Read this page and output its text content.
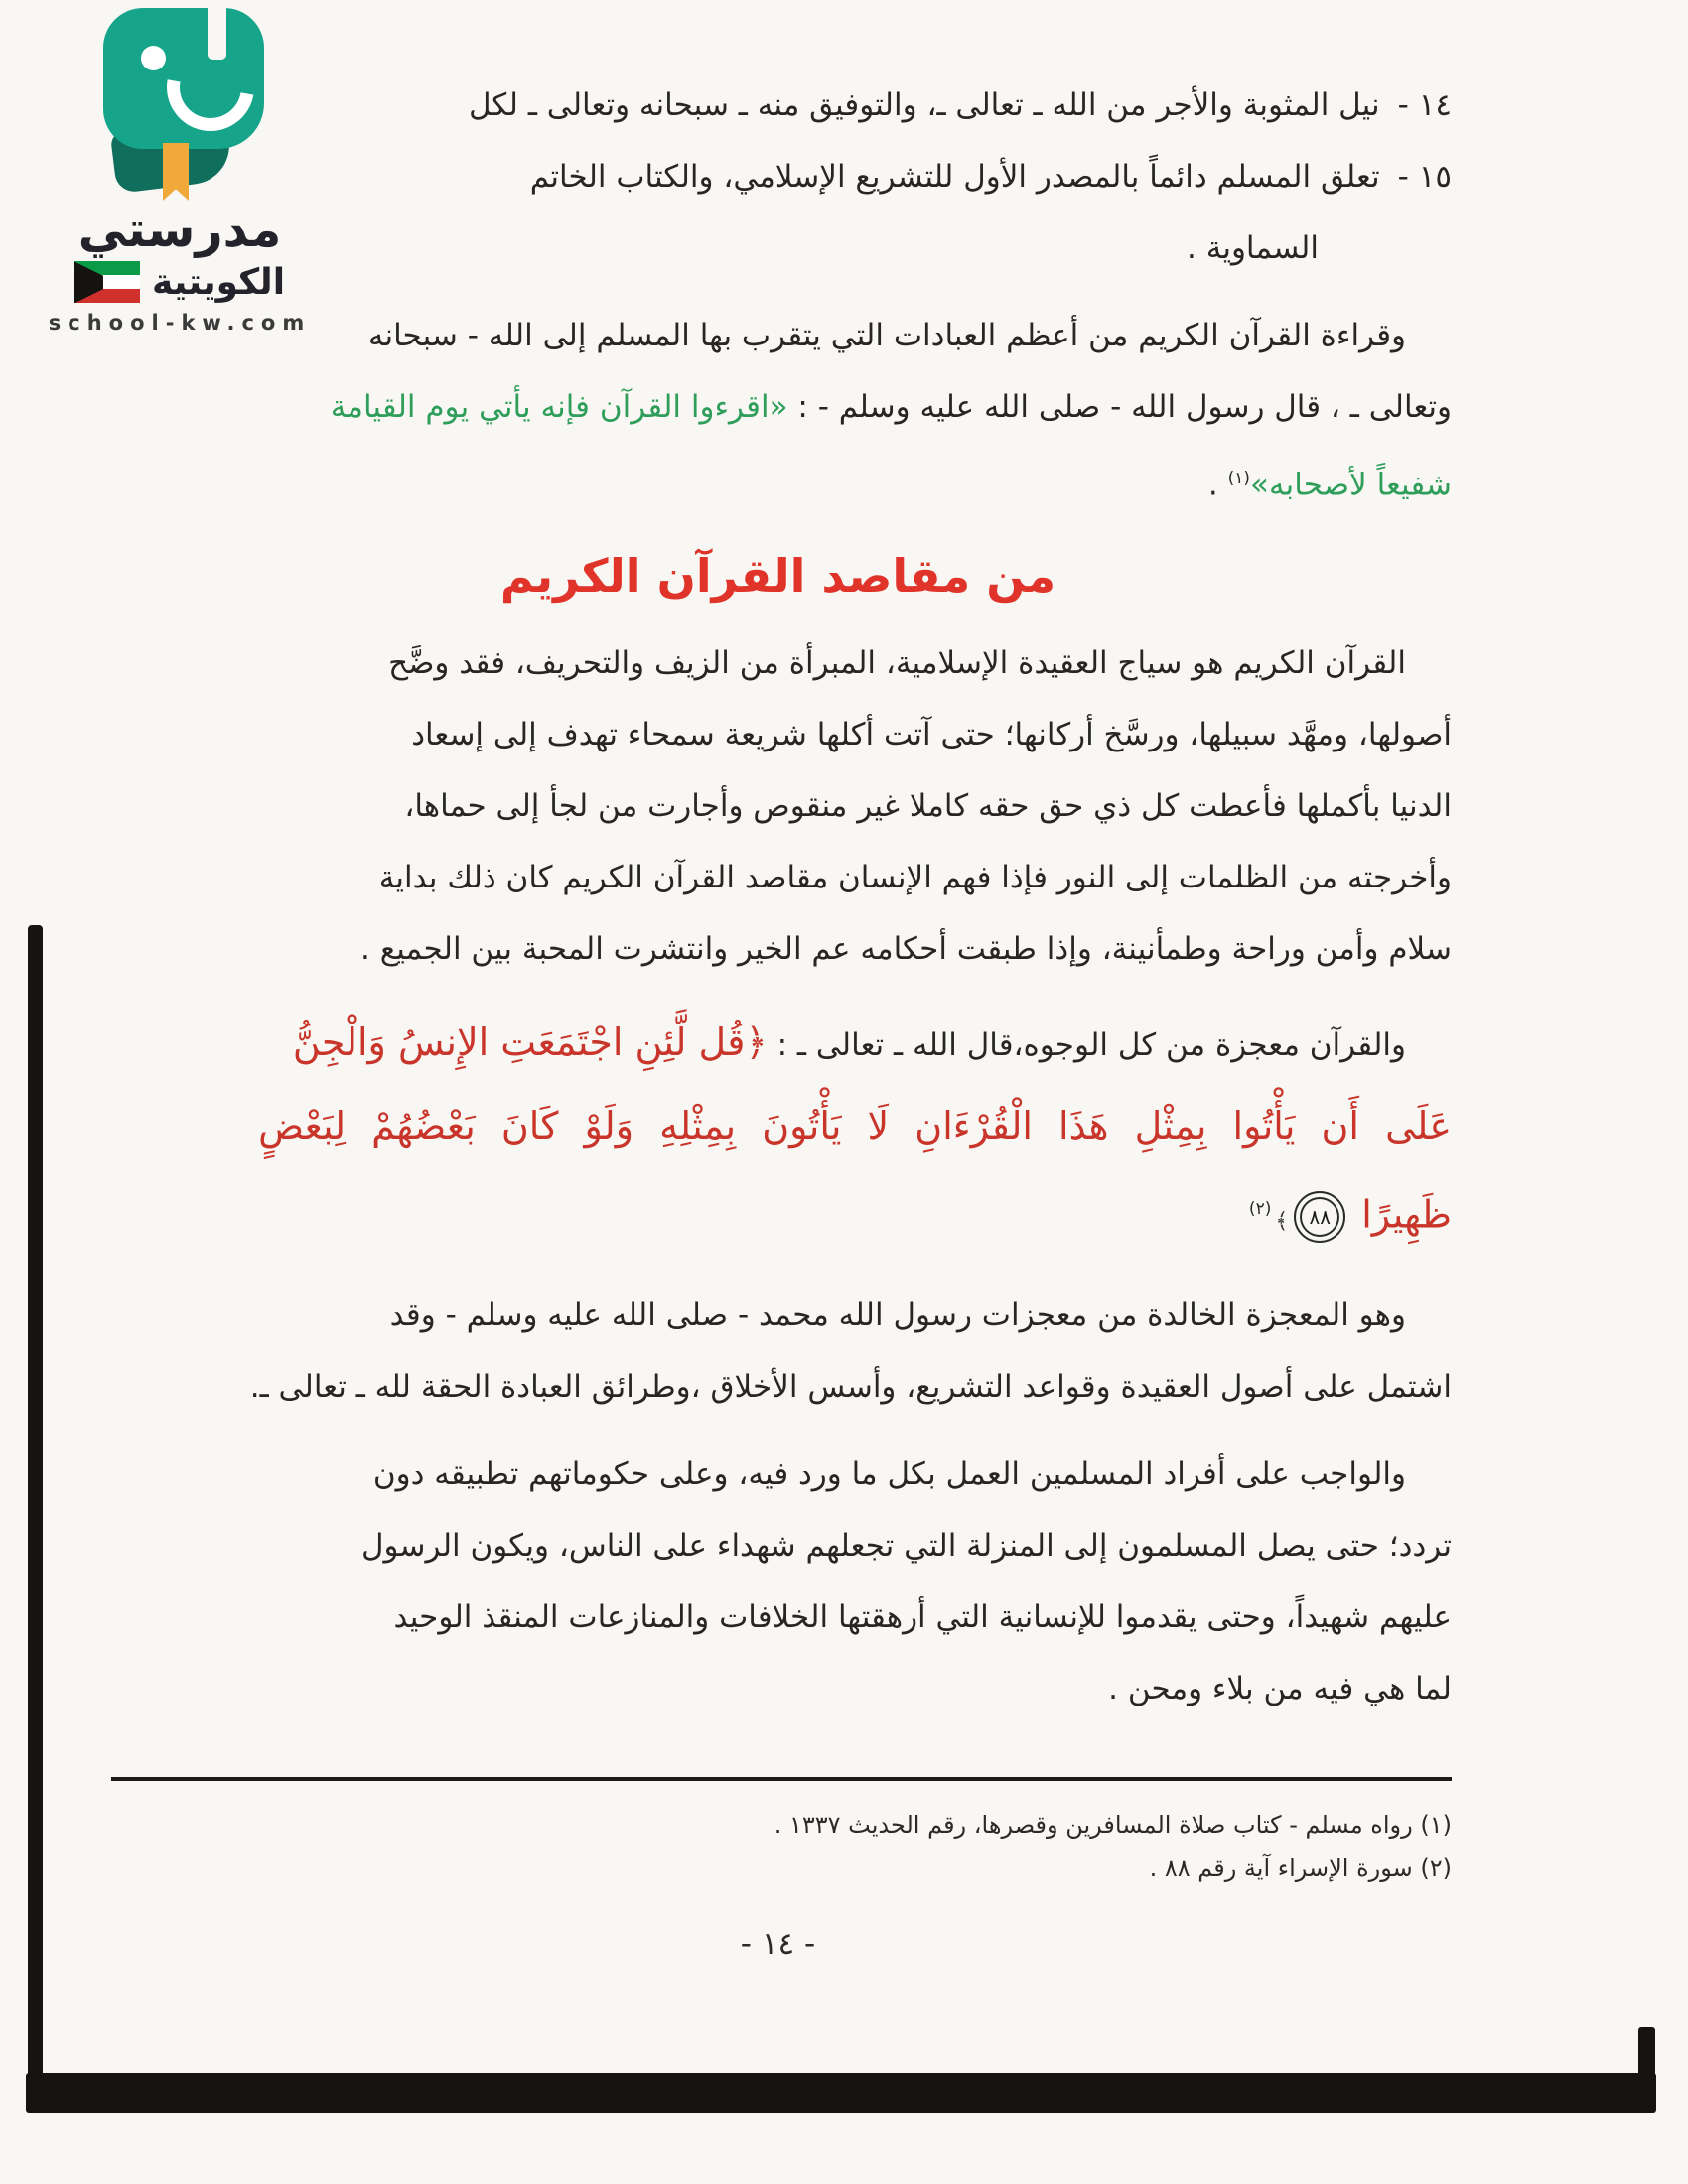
مدرستي
الكويتية
school-kw.com
١٤ -نيل المثوبة والأجر من الله ـ تعالى ـ، والتوفيق منه ـ سبحانه وتعالى ـ لكل
١٥ -تعلق المسلم دائماً بالمصدر الأول للتشريع الإسلامي، والكتاب الخاتم
السماوية .
وقراءة القرآن الكريم من أعظم العبادات التي يتقرب بها المسلم إلى الله - سبحانه
وتعالى ـ ، قال رسول الله - صلى الله عليه وسلم - : «اقرءوا القرآن فإنه يأتي يوم القيامة
شفيعاً لأصحابه»$^{(١)}$ .
من مقاصد القرآن الكريم
القرآن الكريم هو سياج العقيدة الإسلامية، المبرأة من الزيف والتحريف، فقد وضَّح
أصولها، ومهَّد سبيلها، ورسَّخ أركانها؛ حتى آتت أكلها شريعة سمحاء تهدف إلى إسعاد
الدنيا بأكملها فأعطت كل ذي حق حقه كاملا غير منقوص وأجارت من لجأ إلى حماها،
وأخرجته من الظلمات إلى النور فإذا فهم الإنسان مقاصد القرآن الكريم كان ذلك بداية
سلام وأمن وراحة وطمأنينة، وإذا طبقت أحكامه عم الخير وانتشرت المحبة بين الجميع .
والقرآن معجزة من كل الوجوه،قال الله ـ تعالى ـ : ﴿قُل لَّئِنِ اجْتَمَعَتِ الإِنسُ وَالْجِنُّ
عَلَى أَن يَأْتُوا بِمِثْلِ هَذَا الْقُرْءَانِ لَا يَأْتُونَ بِمِثْلِهِ وَلَوْ كَانَ بَعْضُهُمْ لِبَعْضٍ
ظَهِيرًا٨٨﴾$^{(٢)}$
وهو المعجزة الخالدة من معجزات رسول الله محمد - صلى الله عليه وسلم - وقد
اشتمل على أصول العقيدة وقواعد التشريع، وأسس الأخلاق ،وطرائق العبادة الحقة لله ـ تعالى ـ.
والواجب على أفراد المسلمين العمل بكل ما ورد فيه، وعلى حكوماتهم تطبيقه دون
تردد؛ حتى يصل المسلمون إلى المنزلة التي تجعلهم شهداء على الناس، ويكون الرسول
عليهم شهيداً، وحتى يقدموا للإنسانية التي أرهقتها الخلافات والمنازعات المنقذ الوحيد
لما هي فيه من بلاء ومحن .
(١) رواه مسلم - كتاب صلاة المسافرين وقصرها، رقم الحديث ١٣٣٧ .
(٢) سورة الإسراء آية رقم ٨٨ .
- ١٤ -
